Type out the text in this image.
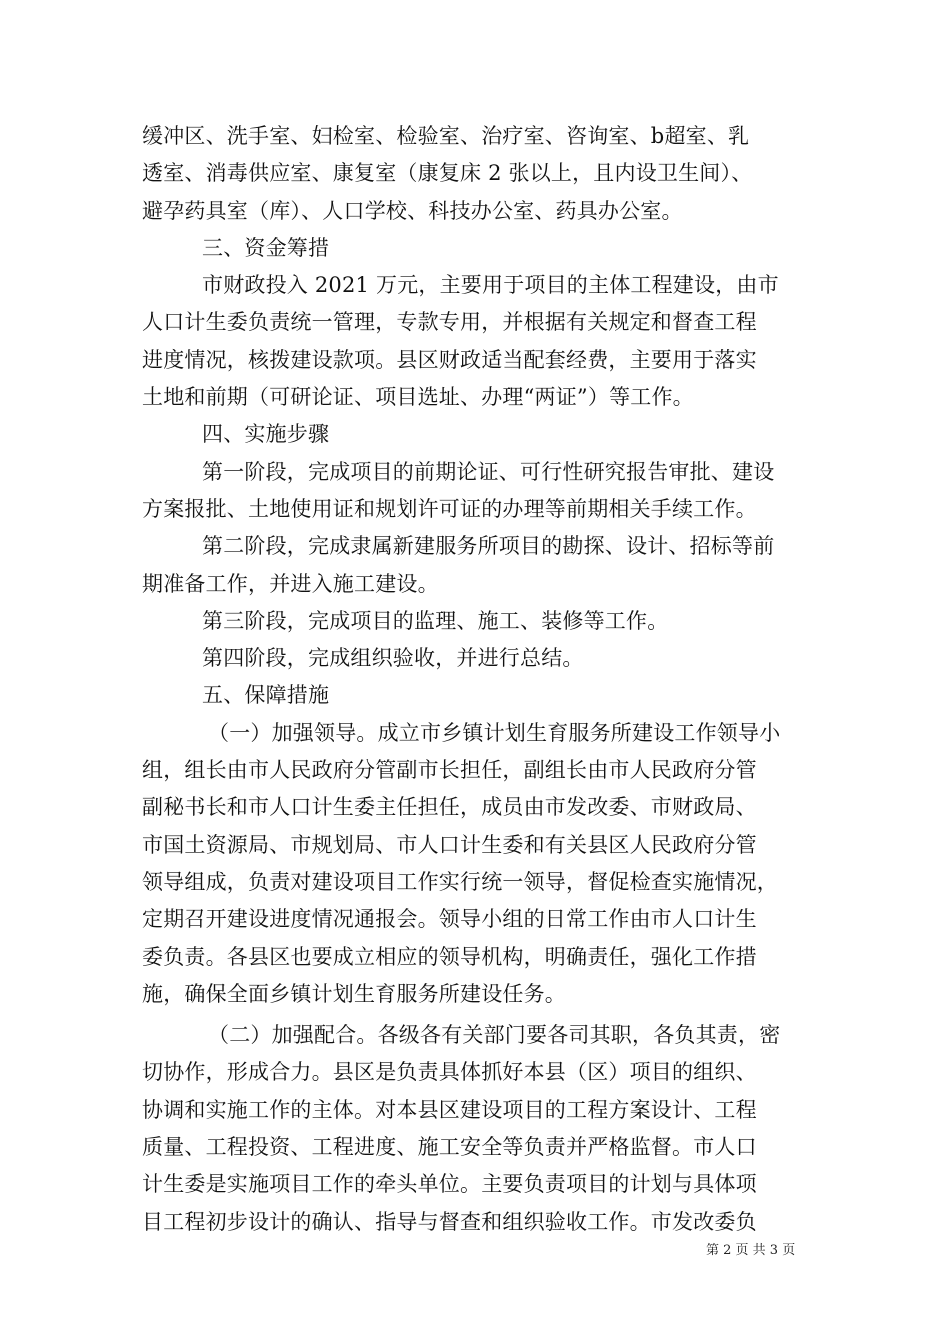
缓冲区、洗手室、妇检室、检验室、治疗室、咨询室、b超室、乳
透室、消毒供应室、康复室（康复床 2 张以上，且内设卫生间）、
避孕药具室（库）、人口学校、科技办公室、药具办公室。
三、资金筹措
市财政投入 2021 万元，主要用于项目的主体工程建设，由市
人口计生委负责统一管理，专款专用，并根据有关规定和督查工程
进度情况，核拨建设款项。县区财政适当配套经费，主要用于落实
土地和前期（可研论证、项目选址、办理“两证”）等工作。
四、实施步骤
第一阶段，完成项目的前期论证、可行性研究报告审批、建设
方案报批、土地使用证和规划许可证的办理等前期相关手续工作。
第二阶段，完成隶属新建服务所项目的勘探、设计、招标等前
期准备工作，并进入施工建设。
第三阶段，完成项目的监理、施工、装修等工作。
第四阶段，完成组织验收，并进行总结。
五、保障措施
（一）加强领导。成立市乡镇计划生育服务所建设工作领导小
组，组长由市人民政府分管副市长担任，副组长由市人民政府分管
副秘书长和市人口计生委主任担任，成员由市发改委、市财政局、
市国土资源局、市规划局、市人口计生委和有关县区人民政府分管
领导组成，负责对建设项目工作实行统一领导，督促检查实施情况，
定期召开建设进度情况通报会。领导小组的日常工作由市人口计生
委负责。各县区也要成立相应的领导机构，明确责任，强化工作措
施，确保全面乡镇计划生育服务所建设任务。
（二）加强配合。各级各有关部门要各司其职，各负其责，密
切协作，形成合力。县区是负责具体抓好本县（区）项目的组织、
协调和实施工作的主体。对本县区建设项目的工程方案设计、工程
质量、工程投资、工程进度、施工安全等负责并严格监督。市人口
计生委是实施项目工作的牵头单位。主要负责项目的计划与具体项
目工程初步设计的确认、指导与督查和组织验收工作。市发改委负
第 2 页 共 3 页
